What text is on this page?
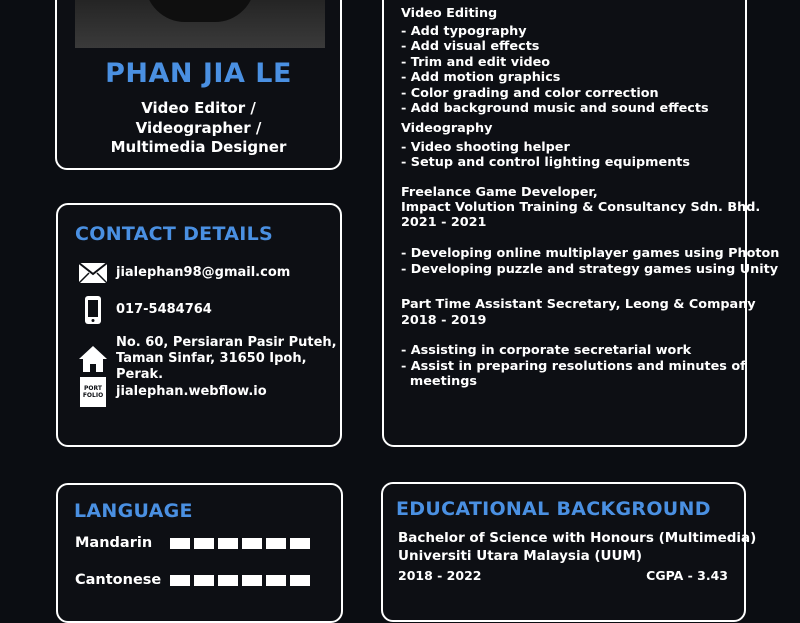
PHAN JIA LE
Video Editor /
Videographer /
Multimedia Designer
CONTACT DETAILS
jialephan98@gmail.com
017-5484764
No. 60, Persiaran Pasir Puteh,
Taman Sinfar, 31650 Ipoh, Perak.
PORT
FOLIO jialephan.webflow.io
Video Editing
- Add typography
- Add visual effects
- Trim and edit video
- Add motion graphics
- Color grading and color correction
- Add background music and sound effects
Videography
- Video shooting helper
- Setup and control lighting equipments
Freelance Game Developer,
Impact Volution Training & Consultancy Sdn. Bhd.
2021 - 2021
- Developing online multiplayer games using Photon
- Developing puzzle and strategy games using Unity
Part Time Assistant Secretary, Leong & Company
2018 - 2019
- Assisting in corporate secretarial work
- Assist in preparing resolutions and minutes of
meetings
LANGUAGE
Mandarin
Cantonese
EDUCATIONAL BACKGROUND
Bachelor of Science with Honours (Multimedia)
Universiti Utara Malaysia (UUM)
2018 - 2022	CGPA - 3.43
